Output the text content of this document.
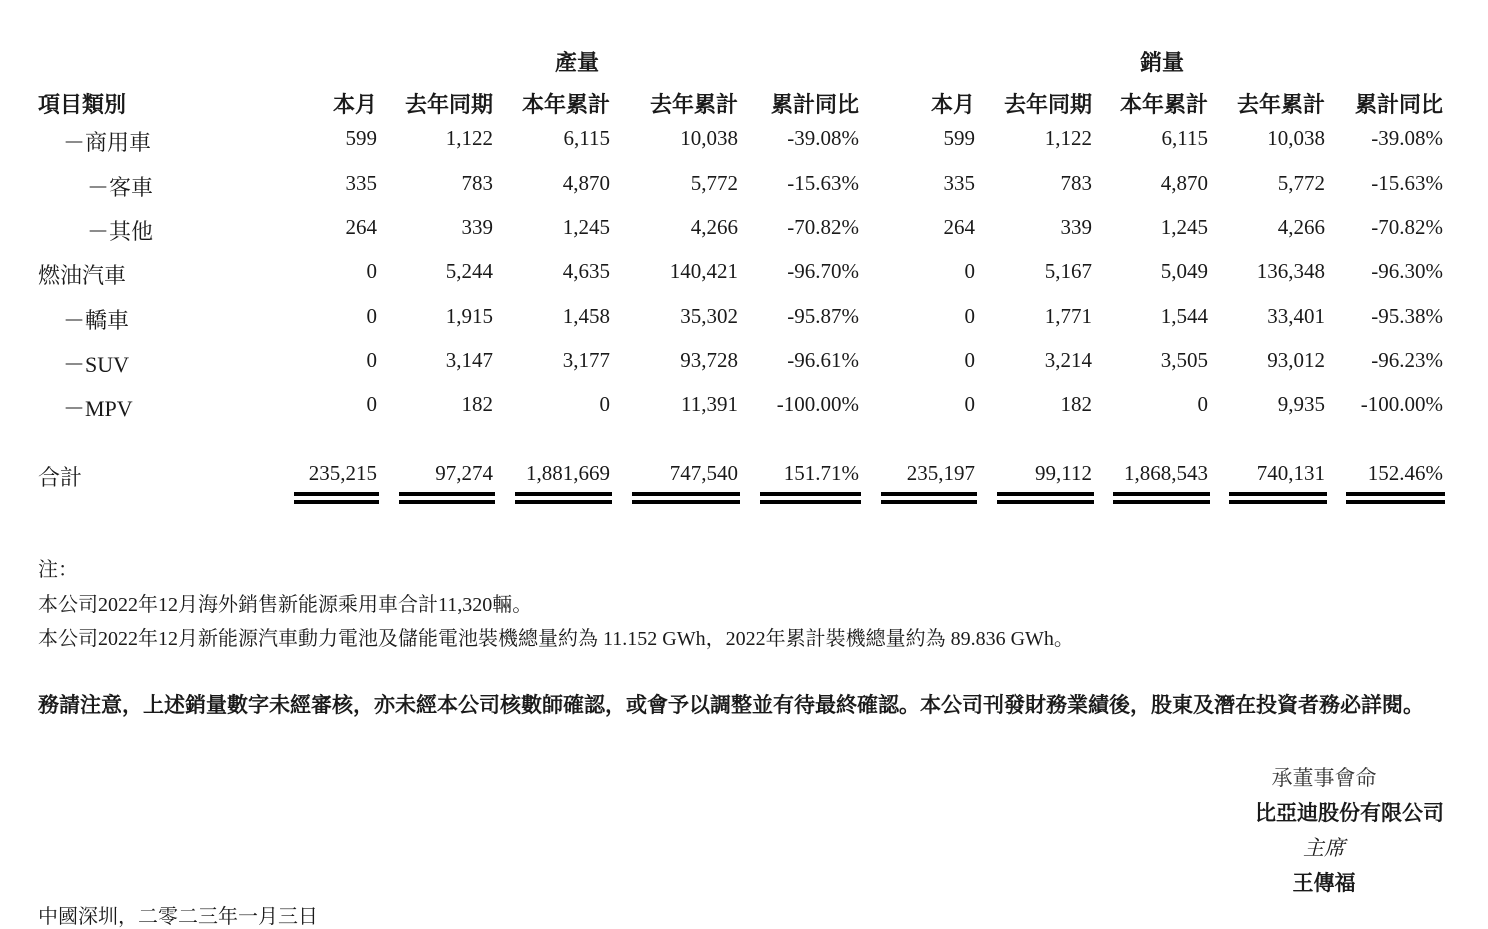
產量	銷量
項目類別	本月	去年同期	本年累計	去年累計	累計同比	本月	去年同期	本年累計	去年累計	累計同比
－商用車	599	1,122	6,115	10,038	-39.08%	599	1,122	6,115	10,038	-39.08%
－客車	335	783	4,870	5,772	-15.63%	335	783	4,870	5,772	-15.63%
－其他	264	339	1,245	4,266	-70.82%	264	339	1,245	4,266	-70.82%
燃油汽車	0	5,244	4,635	140,421	-96.70%	0	5,167	5,049	136,348	-96.30%
－轎車	0	1,915	1,458	35,302	-95.87%	0	1,771	1,544	33,401	-95.38%
－SUV	0	3,147	3,177	93,728	-96.61%	0	3,214	3,505	93,012	-96.23%
－MPV	0	182	0	11,391	-100.00%	0	182	0	9,935	-100.00%
合計	235,215	97,274	1,881,669	747,540	151.71%	235,197	99,112	1,868,543	740,131	152.46%
注：
本公司2022年12月海外銷售新能源乘用車合計11,320輛。
本公司2022年12月新能源汽車動力電池及儲能電池裝機總量約為 11.152 GWh，2022年累計裝機總量約為 89.836 GWh。
務請注意，上述銷量數字未經審核，亦未經本公司核數師確認，或會予以調整並有待最終確認。本公司刊發財務業績後，股東及潛在投資者務必詳閱。
承董事會命
比亞迪股份有限公司
主席
王傳福
中國深圳，二零二三年一月三日
